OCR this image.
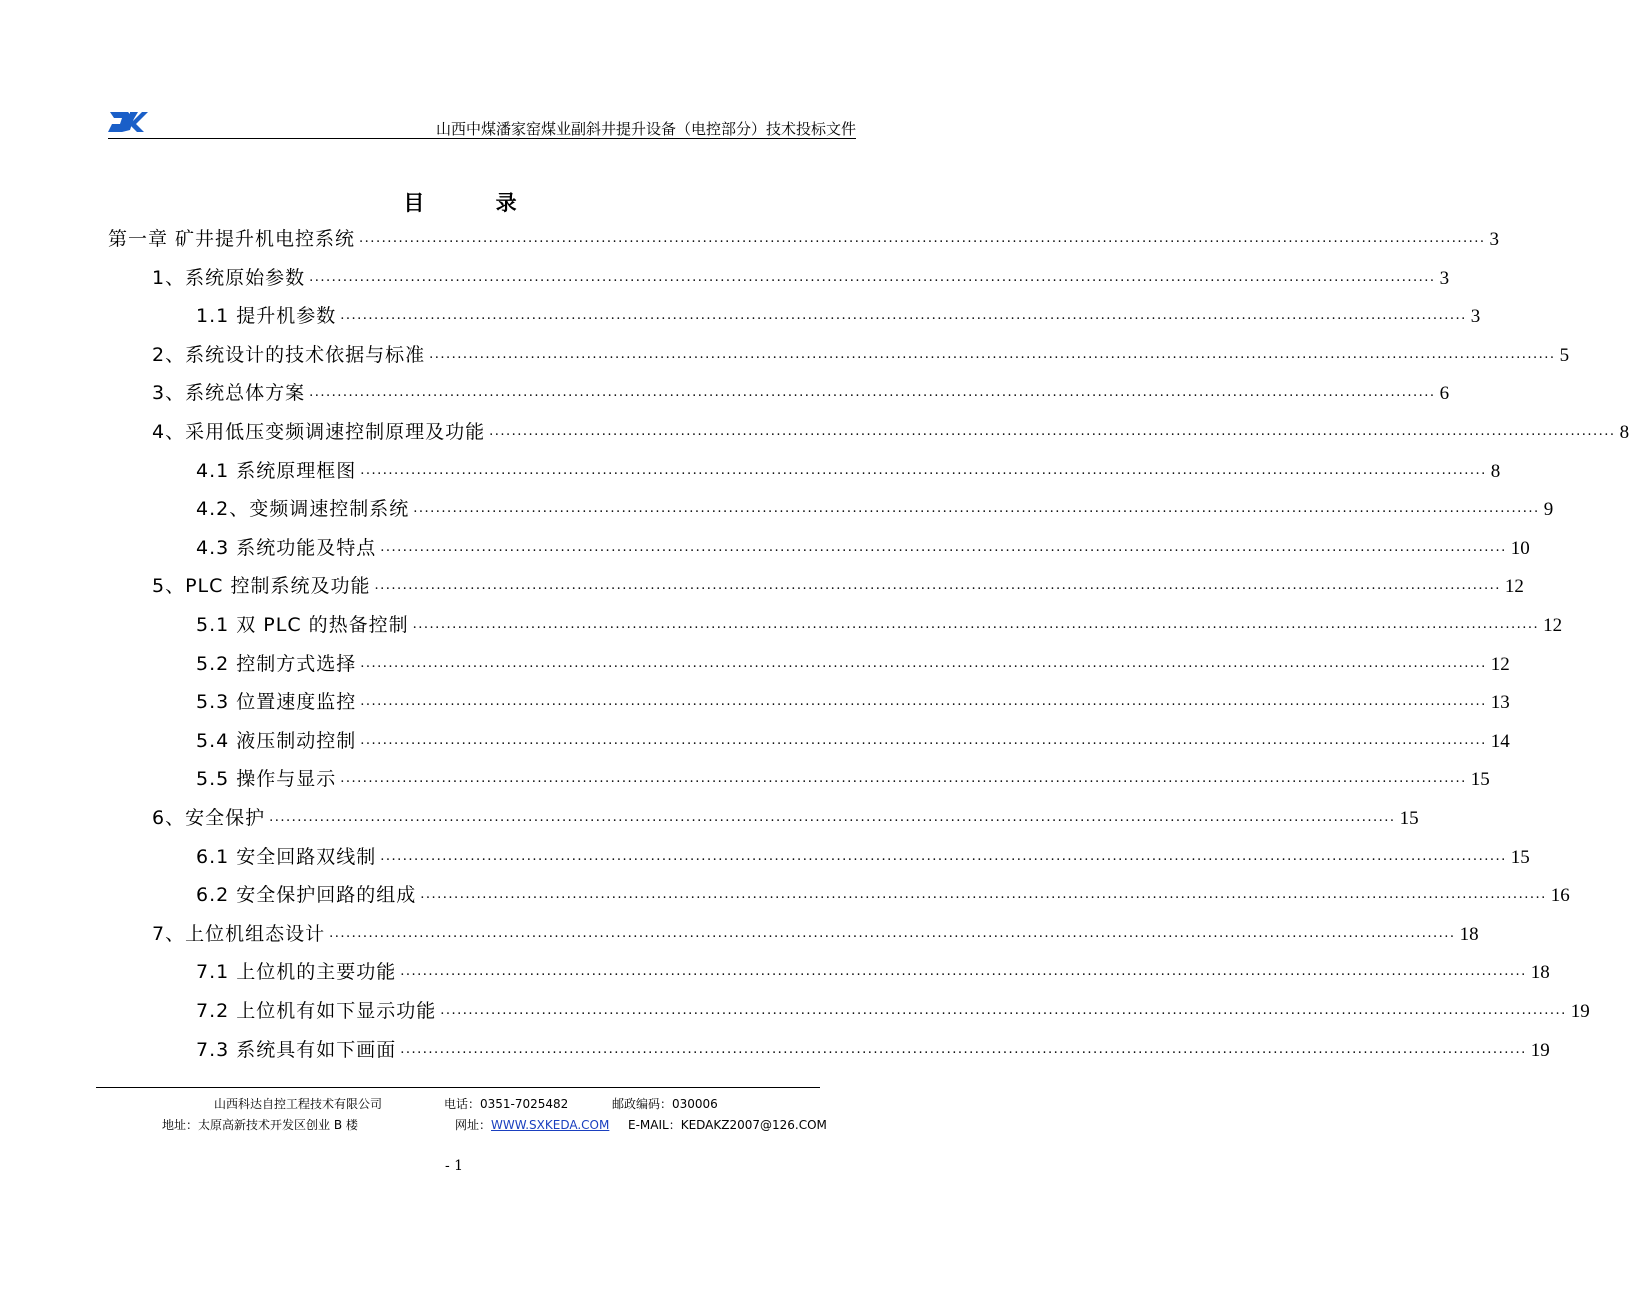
山西中煤潘家窑煤业副斜井提升设备（电控部分）技术投标文件
目 录
第一章 矿井提升机电控系统 ........................................................................................................................................................................................................ 3
1、系统原始参数 ........................................................................................................................................................................................................ 3
1.1 提升机参数 ........................................................................................................................................................................................................ 3
2、系统设计的技术依据与标准 ........................................................................................................................................................................................................ 5
3、系统总体方案 ........................................................................................................................................................................................................ 6
4、采用低压变频调速控制原理及功能 ........................................................................................................................................................................................................ 8
4.1 系统原理框图 ........................................................................................................................................................................................................ 8
4.2、变频调速控制系统 ........................................................................................................................................................................................................ 9
4.3 系统功能及特点 ........................................................................................................................................................................................................ 10
5、PLC 控制系统及功能 ........................................................................................................................................................................................................ 12
5.1 双 PLC 的热备控制 ........................................................................................................................................................................................................ 12
5.2 控制方式选择 ........................................................................................................................................................................................................ 12
5.3 位置速度监控 ........................................................................................................................................................................................................ 13
5.4 液压制动控制 ........................................................................................................................................................................................................ 14
5.5 操作与显示 ........................................................................................................................................................................................................ 15
6、安全保护 ........................................................................................................................................................................................................ 15
6.1 安全回路双线制 ........................................................................................................................................................................................................ 15
6.2 安全保护回路的组成 ........................................................................................................................................................................................................ 16
7、上位机组态设计 ........................................................................................................................................................................................................ 18
7.1 上位机的主要功能 ........................................................................................................................................................................................................ 18
7.2 上位机有如下显示功能 ........................................................................................................................................................................................................ 19
7.3 系统具有如下画面 ........................................................................................................................................................................................................ 19
山西科达自控工程技术有限公司	电话：0351-7025482	邮政编码：030006
地址：太原高新技术开发区创业 B 楼	网址：WWW.SXKEDA.COM E-MAIL：KEDAKZ2007@126.COM
- 1
